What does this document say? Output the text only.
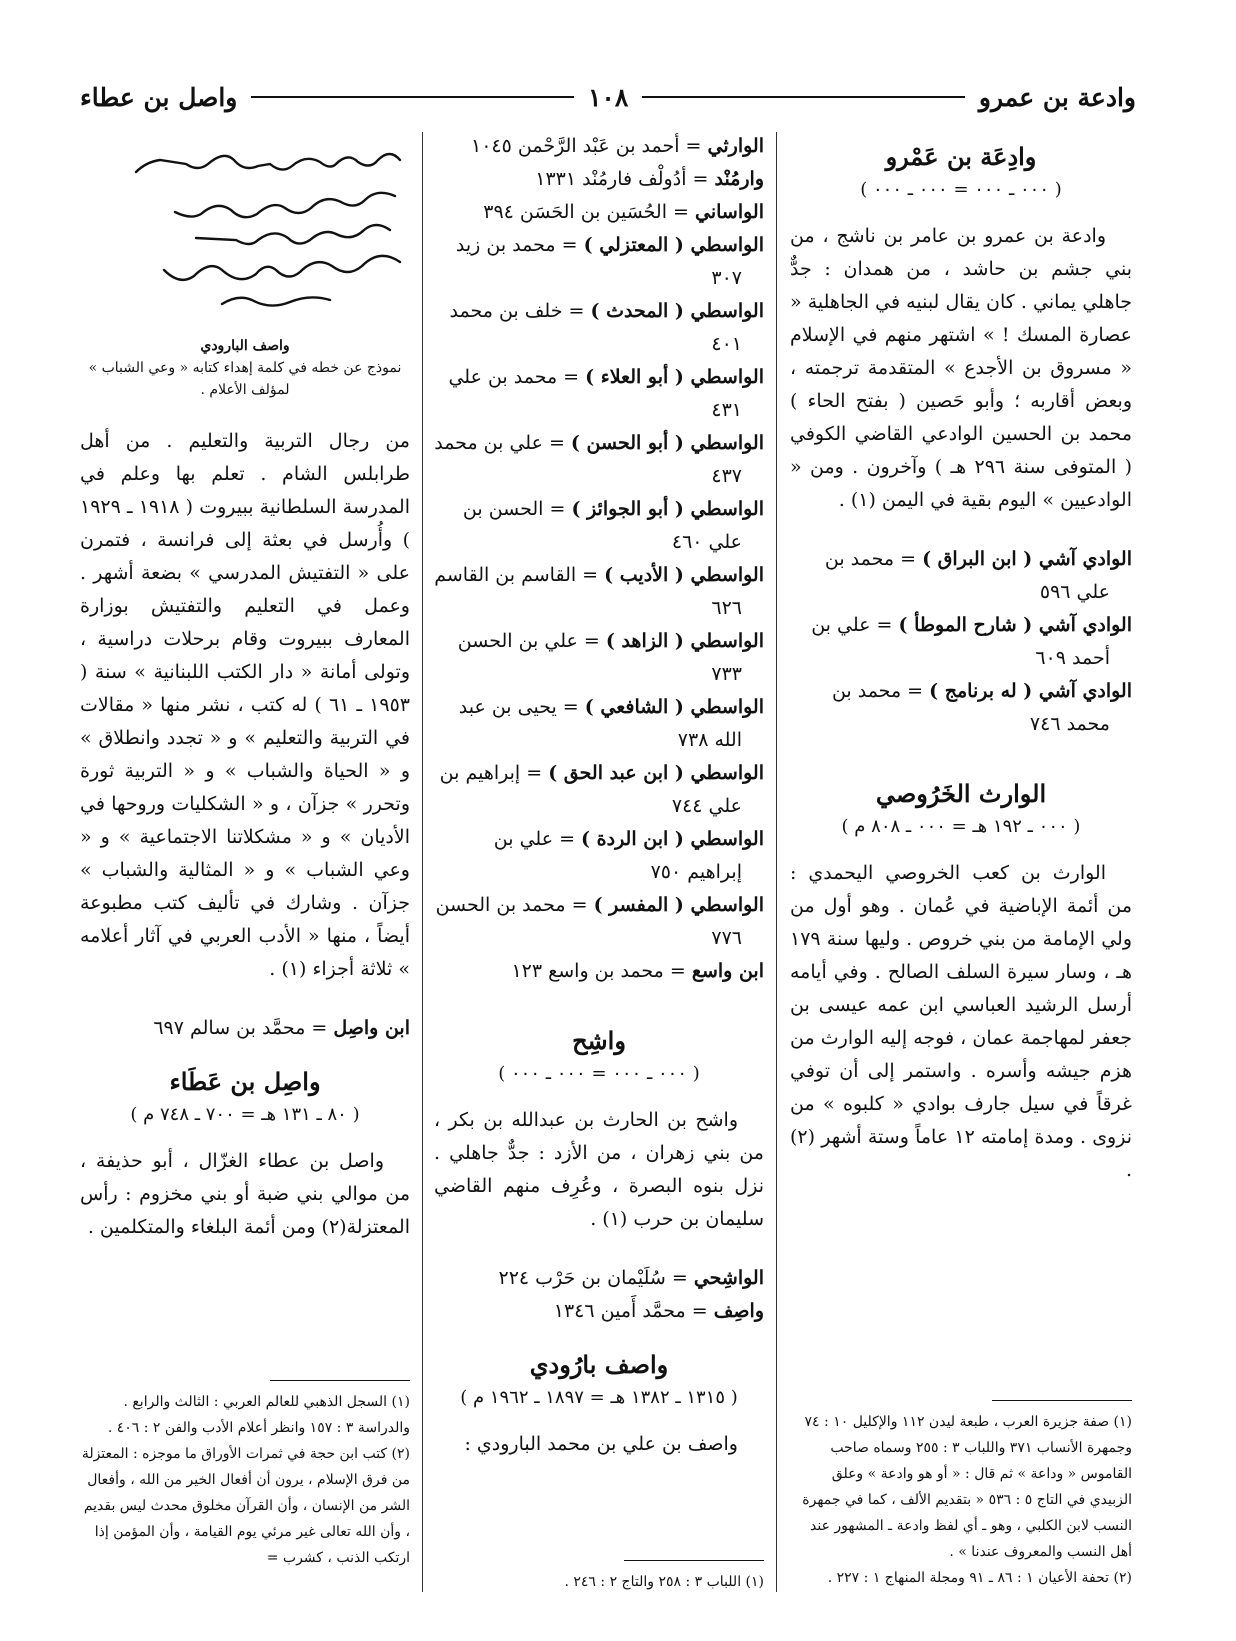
وادعة بن عمرو
١٠٨
واصل بن عطاء
وادِعَة بن عَمْرو
( ٠٠٠ ـ ٠٠٠ = ٠٠٠ ـ ٠٠٠ )

وادعة بن عمرو بن عامر بن ناشج ، من بني جشم بن حاشد ، من همدان : جدٌّ جاهلي يماني . كان يقال لبنيه في الجاهلية « عصارة المسك ! » اشتهر منهم في الإسلام « مسروق بن الأجدع » المتقدمة ترجمته ، وبعض أقاربه ؛ وأبو حَصين ( بفتح الحاء ) محمد بن الحسين الوادعي القاضي الكوفي ( المتوفى سنة ٢٩٦ هـ ) وآخرون . ومن « الوادعيين » اليوم بقية في اليمن (١) .

الوادي آشي ( ابن البراق ) = محمد بن علي ٥٩٦

الوادي آشي ( شارح الموطأ ) = علي بن أحمد ٦٠٩

الوادي آشي ( له برنامج ) = محمد بن محمد ٧٤٦

الوارث الخَرُوصي
( ٠٠٠ ـ ١٩٢ هـ = ٠٠٠ ـ ٨٠٨ م )

الوارث بن كعب الخروصي اليحمدي : من أئمة الإباضية في عُمان . وهو أول من ولي الإمامة من بني خروص . وليها سنة ١٧٩ هـ ، وسار سيرة السلف الصالح . وفي أيامه أرسل الرشيد العباسي ابن عمه عيسى بن جعفر لمهاجمة عمان ، فوجه إليه الوارث من هزم جيشه وأسره . واستمر إلى أن توفي غرقاً في سيل جارف بوادي « كلبوه » من نزوى . ومدة إمامته ١٢ عاماً وستة أشهر (٢) .

(١) صفة جزيرة العرب ، طبعة ليدن ١١٢ والإكليل ١٠ : ٧٤ وجمهرة الأنساب ٣٧١ واللباب ٣ : ٢٥٥ وسماه صاحب القاموس « وداعة » ثم قال : « أو هو وادعة » وعلق الزبيدي في التاج ٥ : ٥٣٦ « بتقديم الألف ، كما في جمهرة النسب لابن الكلبي ، وهو ـ أي لفظ وادعة ـ المشهور عند أهل النسب والمعروف عندنا » .

(٢) تحفة الأعيان ١ : ٨٦ ـ ٩١ ومجلة المنهاج ١ : ٢٢٧ .

الوارثي = أحمد بن عَبْد الرَّحْمن ١٠٤٥

وارمُنْد = أدُولْف فارمُنْد ١٣٣١

الواساني = الحُسَين بن الحَسَن ٣٩٤

الواسطي ( المعتزلي ) = محمد بن زيد ٣٠٧

الواسطي ( المحدث ) = خلف بن محمد ٤٠١

الواسطي ( أبو العلاء ) = محمد بن علي ٤٣١

الواسطي ( أبو الحسن ) = علي بن محمد ٤٣٧

الواسطي ( أبو الجوائز ) = الحسن بن علي ٤٦٠

الواسطي ( الأديب ) = القاسم بن القاسم ٦٢٦

الواسطي ( الزاهد ) = علي بن الحسن ٧٣٣

الواسطي ( الشافعي ) = يحيى بن عبد الله ٧٣٨

الواسطي ( ابن عبد الحق ) = إبراهيم بن علي ٧٤٤

الواسطي ( ابن الردة ) = علي بن إبراهيم ٧٥٠

الواسطي ( المفسر ) = محمد بن الحسن ٧٧٦

ابن واسع = محمد بن واسع ١٢٣

واشِح
( ٠٠٠ ـ ٠٠٠ = ٠٠٠ ـ ٠٠٠ )

واشح بن الحارث بن عبدالله بن بكر ، من بني زهران ، من الأزد : جدٌّ جاهلي . نزل بنوه البصرة ، وعُرِف منهم القاضي سليمان بن حرب (١) .

الواشِحي = سُلَيْمان بن حَرْب ٢٢٤

واصِف = محمَّد أَمين ١٣٤٦

واصف بارُودي
( ١٣١٥ ـ ١٣٨٢ هـ = ١٨٩٧ ـ ١٩٦٢ م )

واصف بن علي بن محمد البارودي :

(١) اللباب ٣ : ٢٥٨ والتاج ٢ : ٢٤٦ .

واصف البارودي
نموذج عن خطه في كلمة إهداء كتابه « وعي الشباب » لمؤلف الأعلام .

من رجال التربية والتعليم . من أهل طرابلس الشام . تعلم بها وعلم في المدرسة السلطانية ببيروت ( ١٩١٨ ـ ١٩٢٩ ) وأُرسل في بعثة إلى فرانسة ، فتمرن على « التفتيش المدرسي » بضعة أشهر . وعمل في التعليم والتفتيش بوزارة المعارف ببيروت وقام برحلات دراسية ، وتولى أمانة « دار الكتب اللبنانية » سنة ( ١٩٥٣ ـ ٦١ ) له كتب ، نشر منها « مقالات في التربية والتعليم » و « تجدد وانطلاق » و « الحياة والشباب » و « التربية ثورة وتحرر » جزآن ، و « الشكليات وروحها في الأديان » و « مشكلاتنا الاجتماعية » و « وعي الشباب » و « المثالية والشباب » جزآن . وشارك في تأليف كتب مطبوعة أيضاً ، منها « الأدب العربي في آثار أعلامه » ثلاثة أجزاء (١) .

ابن واصِل = محمَّد بن سالم ٦٩٧

واصِل بن عَطَاء
( ٨٠ ـ ١٣١ هـ = ٧٠٠ ـ ٧٤٨ م )

واصل بن عطاء الغزّال ، أبو حذيفة ، من موالي بني ضبة أو بني مخزوم : رأس المعتزلة(٢) ومن أئمة البلغاء والمتكلمين .

(١) السجل الذهبي للعالم العربي : الثالث والرابع . والدراسة ٣ : ١٥٧ وانظر أعلام الأدب والفن ٢ : ٤٠٦ .

(٢) كتب ابن حجة في ثمرات الأوراق ما موجزه : المعتزلة من فرق الإسلام ، يرون أن أفعال الخير من الله ، وأفعال الشر من الإنسان ، وأن القرآن مخلوق محدث ليس بقديم ، وأن الله تعالى غير مرئي يوم القيامة ، وأن المؤمن إذا ارتكب الذنب ، كشرب =
